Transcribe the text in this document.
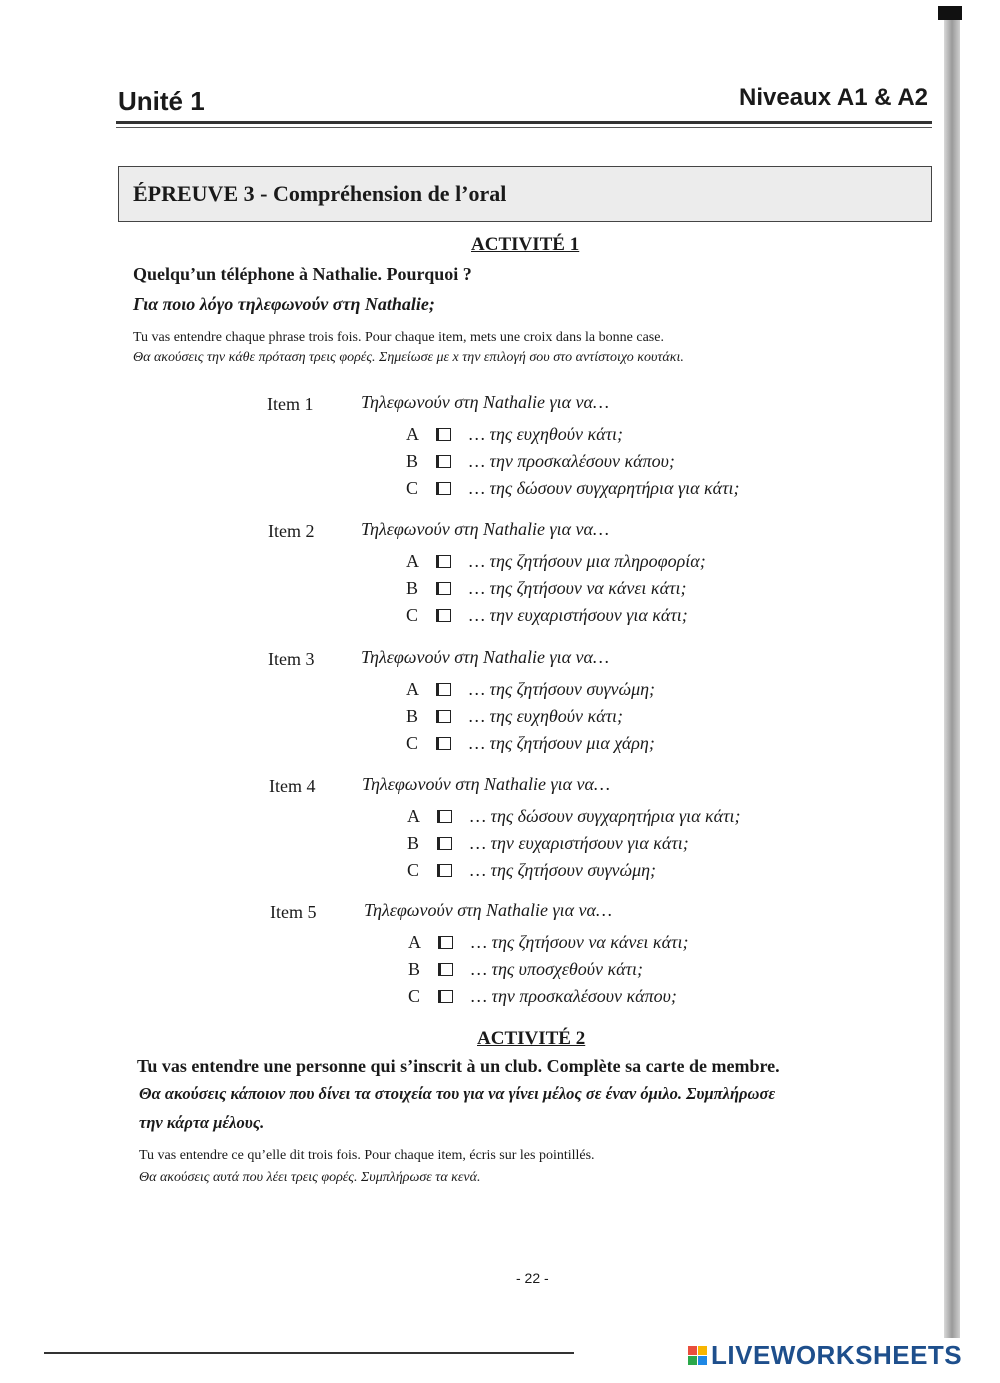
Unité 1	Niveaux A1 & A2
ÉPREUVE 3 - Compréhension de l’oral
ACTIVITÉ 1
Quelqu’un téléphone à Nathalie. Pourquoi ?
Για ποιο λόγο τηλεφωνούν στη Nathalie;
Tu vas entendre chaque phrase trois fois. Pour chaque item, mets une croix dans la bonne case.
Θα ακούσεις την κάθε πρόταση τρεις φορές. Σημείωσε με x την επιλογή σου στο αντίστοιχο κουτάκι.
Item 1	Τηλεφωνούν στη Nathalie για να…
A	… της ευχηθούν κάτι;
B	… την προσκαλέσουν κάπου;
C	… της δώσουν συγχαρητήρια για κάτι;
Item 2	Τηλεφωνούν στη Nathalie για να…
A	… της ζητήσουν μια πληροφορία;
B	… της ζητήσουν να κάνει κάτι;
C	… την ευχαριστήσουν για κάτι;
Item 3	Τηλεφωνούν στη Nathalie για να…
A	… της ζητήσουν συγνώμη;
B	… της ευχηθούν κάτι;
C	… της ζητήσουν μια χάρη;
Item 4	Τηλεφωνούν στη Nathalie για να…
A	… της δώσουν συγχαρητήρια για κάτι;
B	… την ευχαριστήσουν για κάτι;
C	… της ζητήσουν συγνώμη;
Item 5	Τηλεφωνούν στη Nathalie για να…
A	… της ζητήσουν να κάνει κάτι;
B	… της υποσχεθούν κάτι;
C	… την προσκαλέσουν κάπου;
ACTIVITÉ 2
Tu vas entendre une personne qui s’inscrit à un club. Complète sa carte de membre.
Θα ακούσεις κάποιον που δίνει τα στοιχεία του για να γίνει μέλος σε έναν όμιλο. Συμπλήρωσε
την κάρτα μέλους.
Tu vas entendre ce qu’elle dit trois fois. Pour chaque item, écris sur les pointillés.
Θα ακούσεις αυτά που λέει τρεις φορές. Συμπλήρωσε τα κενά.
- 22 -
LIVEWORKSHEETS
